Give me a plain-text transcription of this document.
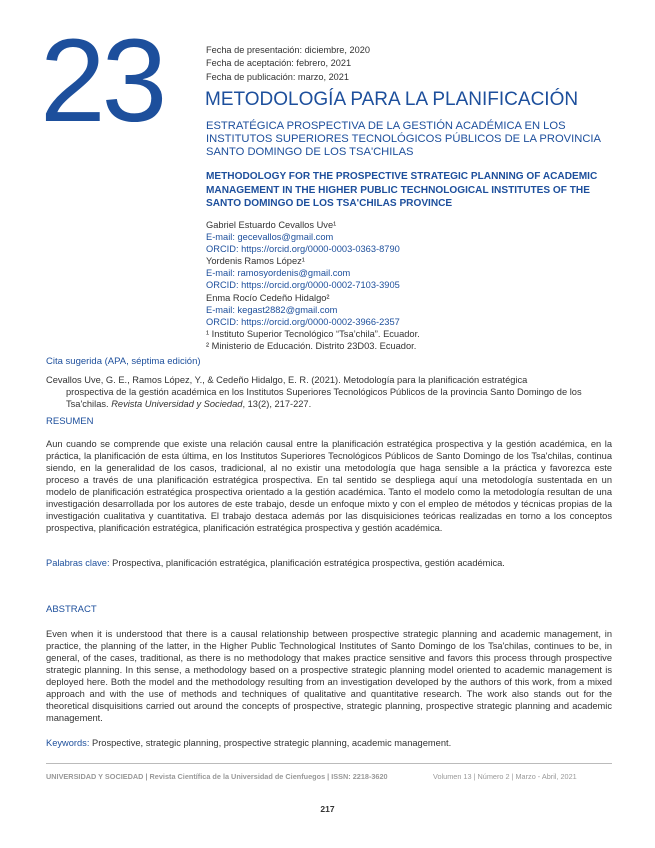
23	Fecha de presentación: diciembre, 2020
Fecha de aceptación: febrero, 2021
Fecha de publicación: marzo, 2021
METODOLOGÍA PARA LA PLANIFICACIÓN
ESTRATÉGICA PROSPECTIVA DE LA GESTIÓN ACADÉMICA EN LOS INSTITUTOS SUPERIORES TECNOLÓGICOS PÚBLICOS DE LA PROVINCIA SANTO DOMINGO DE LOS TSA'CHILAS
METHODOLOGY FOR THE PROSPECTIVE STRATEGIC PLANNING OF ACADEMIC MANAGEMENT IN THE HIGHER PUBLIC TECHNOLOGICAL INSTITUTES OF THE SANTO DOMINGO DE LOS TSA'CHILAS PROVINCE
Gabriel Estuardo Cevallos Uve¹
E-mail: gecevallos@gmail.com
ORCID: https://orcid.org/0000-0003-0363-8790
Yordenis Ramos López¹
E-mail: ramosyordenis@gmail.com
ORCID: https://orcid.org/0000-0002-7103-3905
Enma Rocío Cedeño Hidalgo²
E-mail: kegast2882@gmail.com
ORCID: https://orcid.org/0000-0002-3966-2357
¹ Instituto Superior Tecnológico “Tsa’chila”. Ecuador.
² Ministerio de Educación. Distrito 23D03. Ecuador.
Cita sugerida (APA, séptima edición)
Cevallos Uve, G. E., Ramos López, Y., & Cedeño Hidalgo, E. R. (2021). Metodología para la planificación estratégica
prospectiva de la gestión académica en los Institutos Superiores Tecnológicos Públicos de la provincia Santo Domingo de los Tsa'chilas. Revista Universidad y Sociedad, 13(2), 217-227.
RESUMEN
Aun cuando se comprende que existe una relación causal entre la planificación estratégica prospectiva y la gestión académica, en la práctica, la planificación de esta última, en los Institutos Superiores Tecnológicos Públicos de Santo Domingo de los Tsa'chilas, continua siendo, en la generalidad de los casos, tradicional, al no existir una metodología que haga sensible a la práctica y favorezca este proceso a través de una planificación estratégica prospectiva. En tal sentido se despliega aquí una metodología sustentada en un modelo de planificación estratégica prospectiva orientado a la gestión académica. Tanto el modelo como la metodología resultan de una investigación desarrollada por los autores de este trabajo, desde un enfoque mixto y con el empleo de métodos y técnicas propias de la investigación cualitativa y cuantitativa. El trabajo destaca además por las disquisiciones teóricas realizadas en torno a los conceptos prospectiva, planificación estratégica, planificación estratégica prospectiva y gestión académica.
Palabras clave: Prospectiva, planificación estratégica, planificación estratégica prospectiva, gestión académica.
ABSTRACT
Even when it is understood that there is a causal relationship between prospective strategic planning and academic management, in practice, the planning of the latter, in the Higher Public Technological Institutes of Santo Domingo de los Tsa'chilas, continues to be, in general, of the cases, traditional, as there is no methodology that makes practice sensitive and favors this process through prospective strategic planning. In this sense, a methodology based on a prospective strategic planning model oriented to academic management is deployed here. Both the model and the methodology resulting from an investigation developed by the authors of this work, from a mixed approach and with the use of methods and techniques of qualitative and quantitative research. The work also stands out for the theoretical disquisitions carried out around the concepts of prospective, strategic planning, prospective strategic planning and academic management.
Keywords: Prospective, strategic planning, prospective strategic planning, academic management.
UNIVERSIDAD Y SOCIEDAD | Revista Científica de la Universidad de Cienfuegos | ISSN: 2218-3620	Volumen 13 | Número 2 | Marzo - Abril, 2021
217
